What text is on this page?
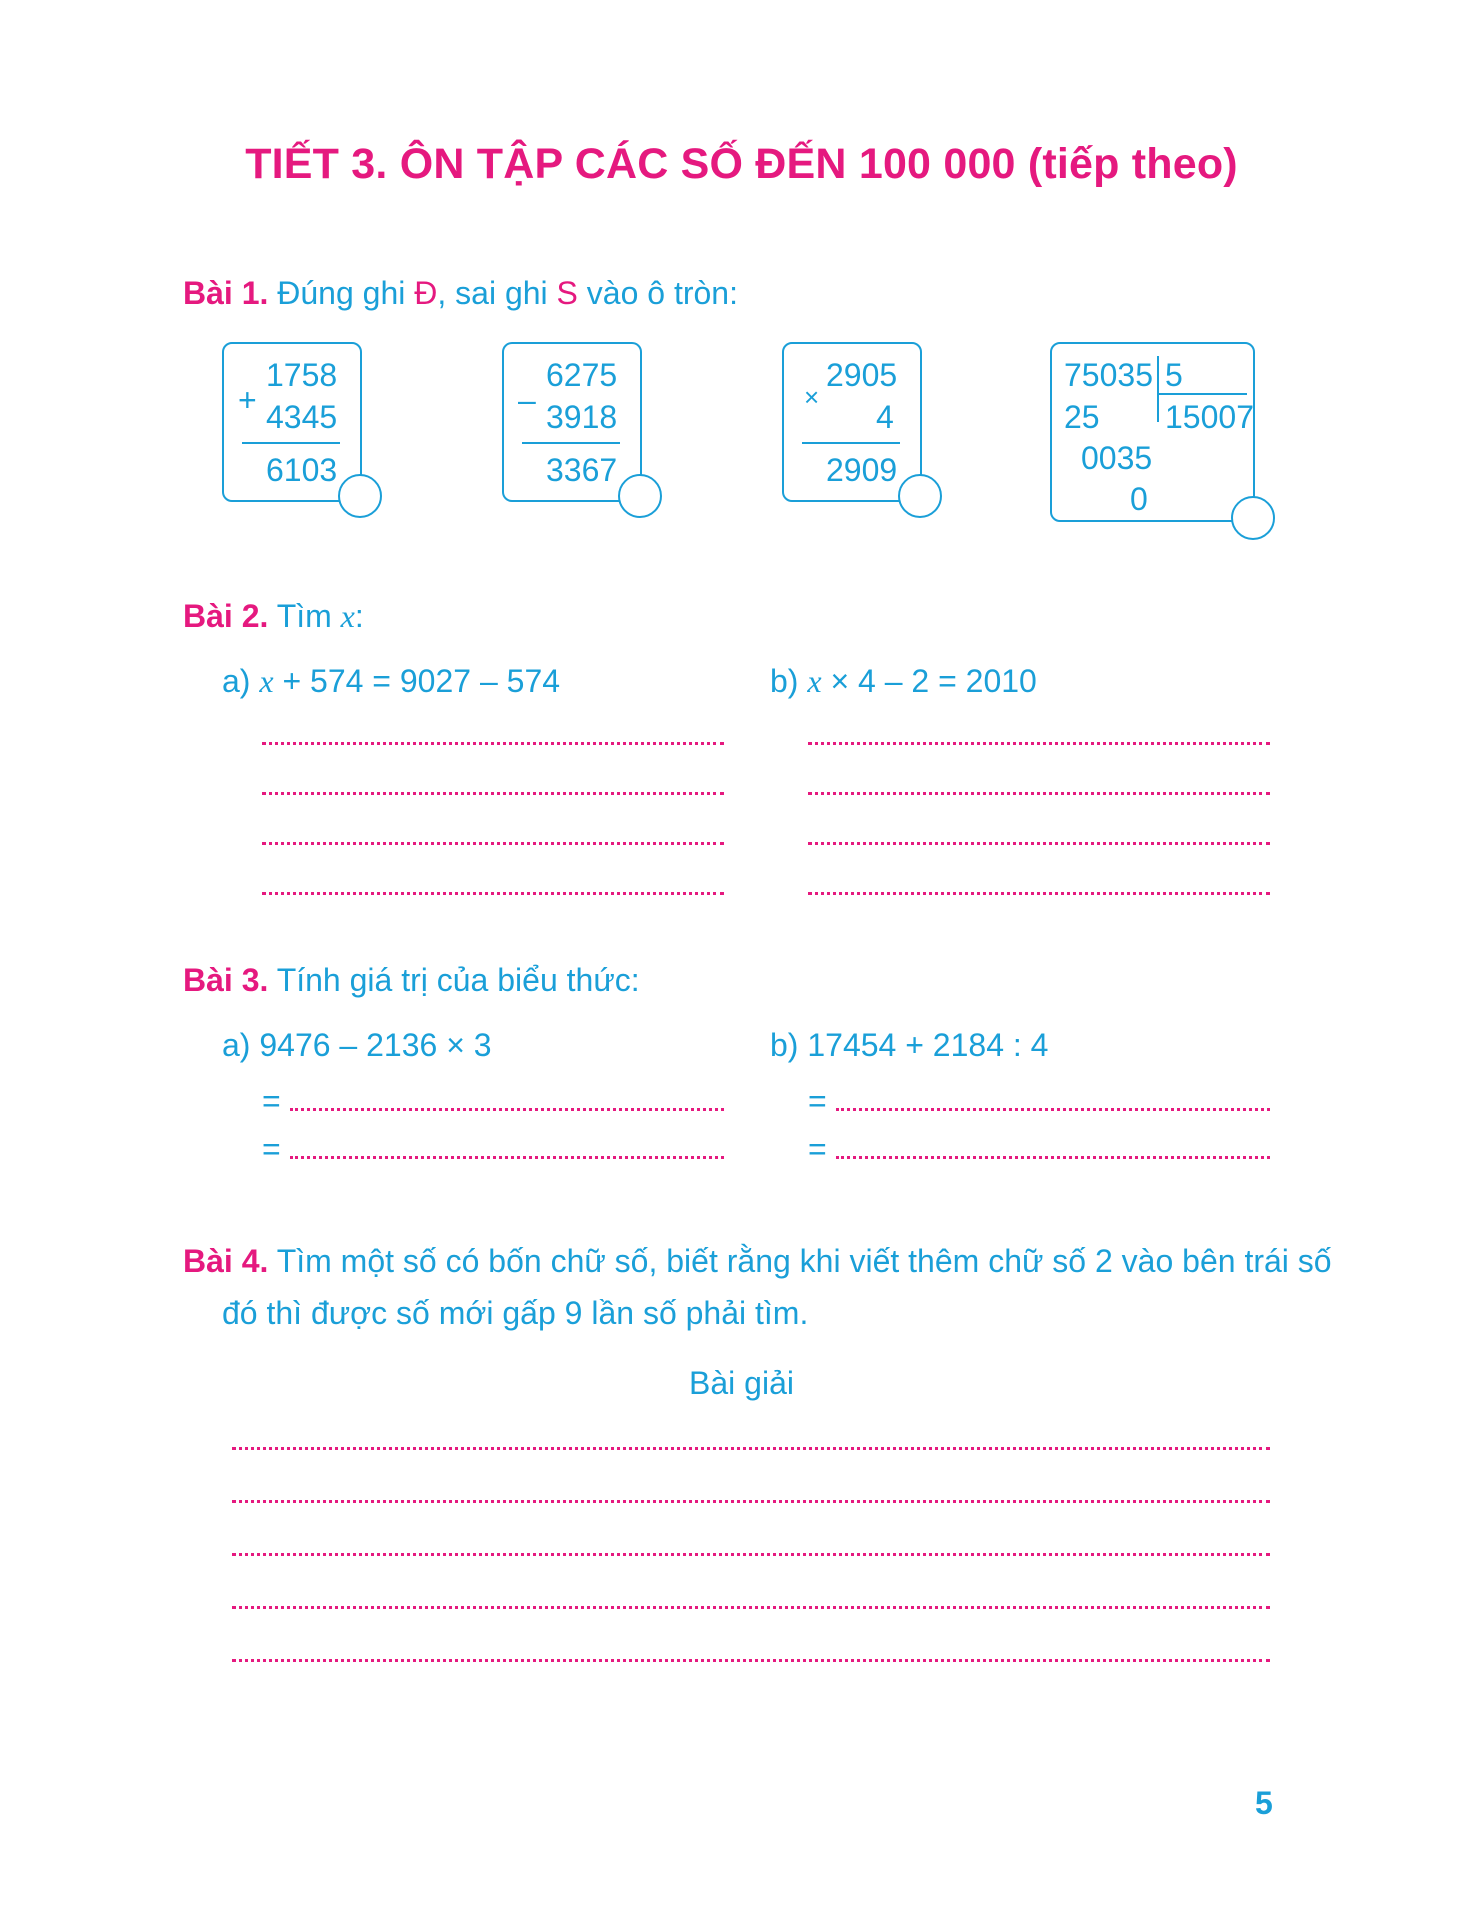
TIẾT 3. ÔN TẬP CÁC SỐ ĐẾN 100 000 (tiếp theo)
Bài 1. Đúng ghi Đ, sai ghi S vào ô tròn:
1758
+ 4345
6103
6275
– 3918
3367
2905
×
4
2909
75035 5
25 15007
0035
0
Bài 2. Tìm x:
a) x + 574 = 9027 – 574	b) x × 4 – 2 = 2010
Bài 3. Tính giá trị của biểu thức:
a) 9476 – 2136 × 3	b) 17454 + 2184 : 4
=
=
=
=
Bài 4. Tìm một số có bốn chữ số, biết rằng khi viết thêm chữ số 2 vào bên trái số
đó thì được số mới gấp 9 lần số phải tìm.
Bài giải
5
